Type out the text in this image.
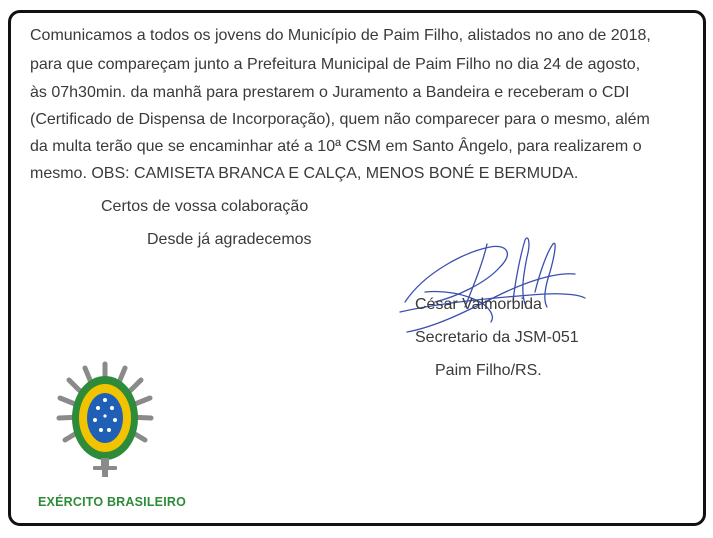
Comunicamos a todos os jovens do Município de Paim Filho, alistados no ano de 2018,

para que compareçam junto a Prefeitura Municipal de Paim Filho no dia 24 de agosto,

às 07h30min. da manhã para prestarem o Juramento a Bandeira e receberam o CDI

(Certificado de Dispensa de Incorporação), quem não comparecer para o mesmo, além

da multa terão que se encaminhar até a 10ª CSM em Santo Ângelo, para realizarem o

mesmo. OBS: CAMISETA BRANCA E CALÇA, MENOS BONÉ E BERMUDA.

Certos de vossa colaboração

Desde já agradecemos

César Valmorbida

Secretario da JSM-051

Paim Filho/RS.

EXÉRCITO BRASILEIRO
